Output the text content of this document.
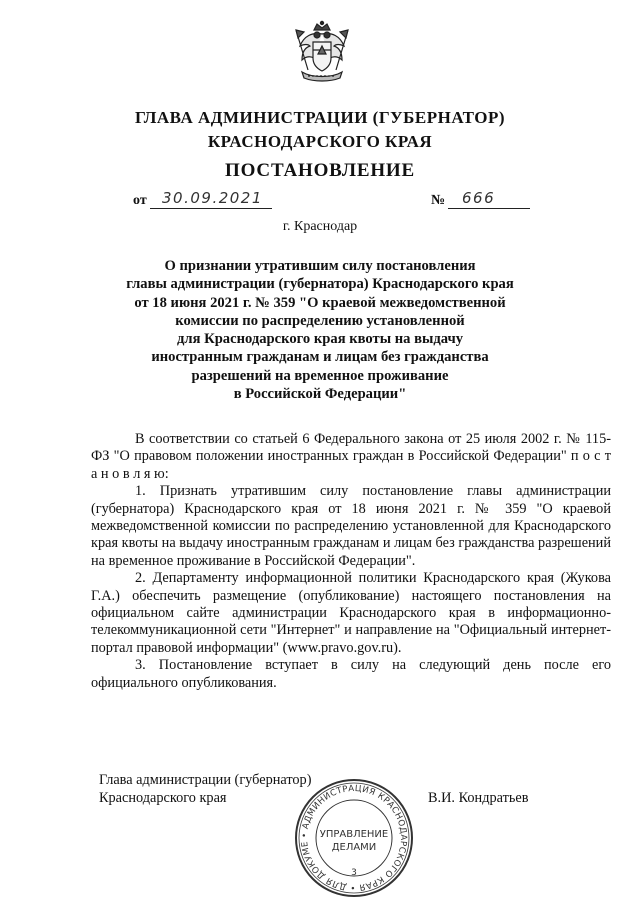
ГЛАВА АДМИНИСТРАЦИИ (ГУБЕРНАТОР)
КРАСНОДАРСКОГО КРАЯ
ПОСТАНОВЛЕНИЕ
от 30.09.2021	№ 666
г. Краснодар
О признании утратившим силу постановления
главы администрации (губернатора) Краснодарского края
от 18 июня 2021 г. № 359 "О краевой межведомственной
комиссии по распределению установленной
для Краснодарского края квоты на выдачу
иностранным гражданам и лицам без гражданства
разрешений на временное проживание
в Российской Федерации"

В соответствии со статьей 6 Федерального закона от 25 июля 2002 г. № 115-ФЗ "О правовом положении иностранных граждан в Российской Федерации" п о с т а н о в л я ю:

1. Признать утратившим силу постановление главы администрации (губернатора) Краснодарского края от 18 июня 2021 г. № 359 "О краевой межведомственной комиссии по распределению установленной для Краснодарского края квоты на выдачу иностранным гражданам и лицам без гражданства разрешений на временное проживание в Российской Федерации".

2. Департаменту информационной политики Краснодарского края (Жукова Г.А.) обеспечить размещение (опубликование) настоящего постановления на официальном сайте администрации Краснодарского края в информационно-телекоммуникационной сети "Интернет" и направление на "Официальный интернет-портал правовой информации" (www.pravo.gov.ru).

3. Постановление вступает в силу на следующий день после его официального опубликования.

Глава администрации (губернатор)
Краснодарского края	В.И. Кондратьев
• АДМИНИСТРАЦИЯ КРАСНОДАРСКОГО КРАЯ • ДЛЯ ДОКУМЕ
УПРАВЛЕНИЕ
ДЕЛАМИ
3
